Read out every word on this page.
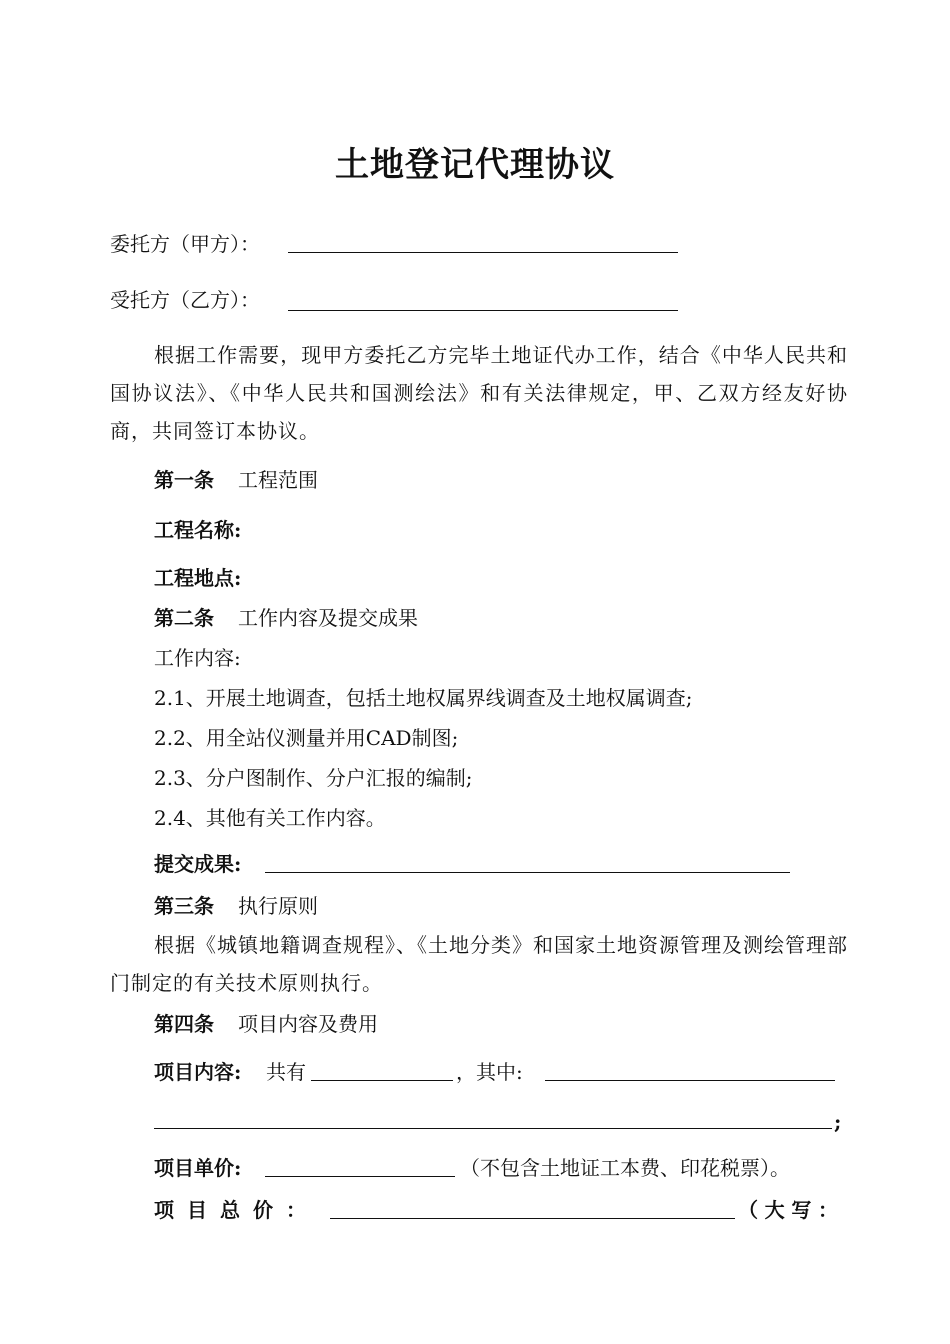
土地登记代理协议
委托方（甲方）：
受托方（乙方）：
根据工作需要，现甲方委托乙方完毕土地证代办工作，结合《中华人民共和国协议法》、《中华人民共和国测绘法》和有关法律规定，甲、乙双方经友好协商，共同签订本协议。
第一条 工程范围
工程名称:
工程地点:
第二条 工作内容及提交成果
工作内容:
2.1、开展土地调查，包括土地权属界线调查及土地权属调查;
2.2、用全站仪测量并用CAD制图;
2.3、分户图制作、分户汇报的编制;
2.4、其他有关工作内容。
提交成果:
第三条 执行原则
根据《城镇地籍调查规程》、《土地分类》和国家土地资源管理及测绘管理部门制定的有关技术原则执行。
第四条 项目内容及费用
项目内容: 共有	，其中:
;
项目单价:	（不包含土地证工本费、印花税票）。
项 目 总 价 ：	（ 大 写 ：
